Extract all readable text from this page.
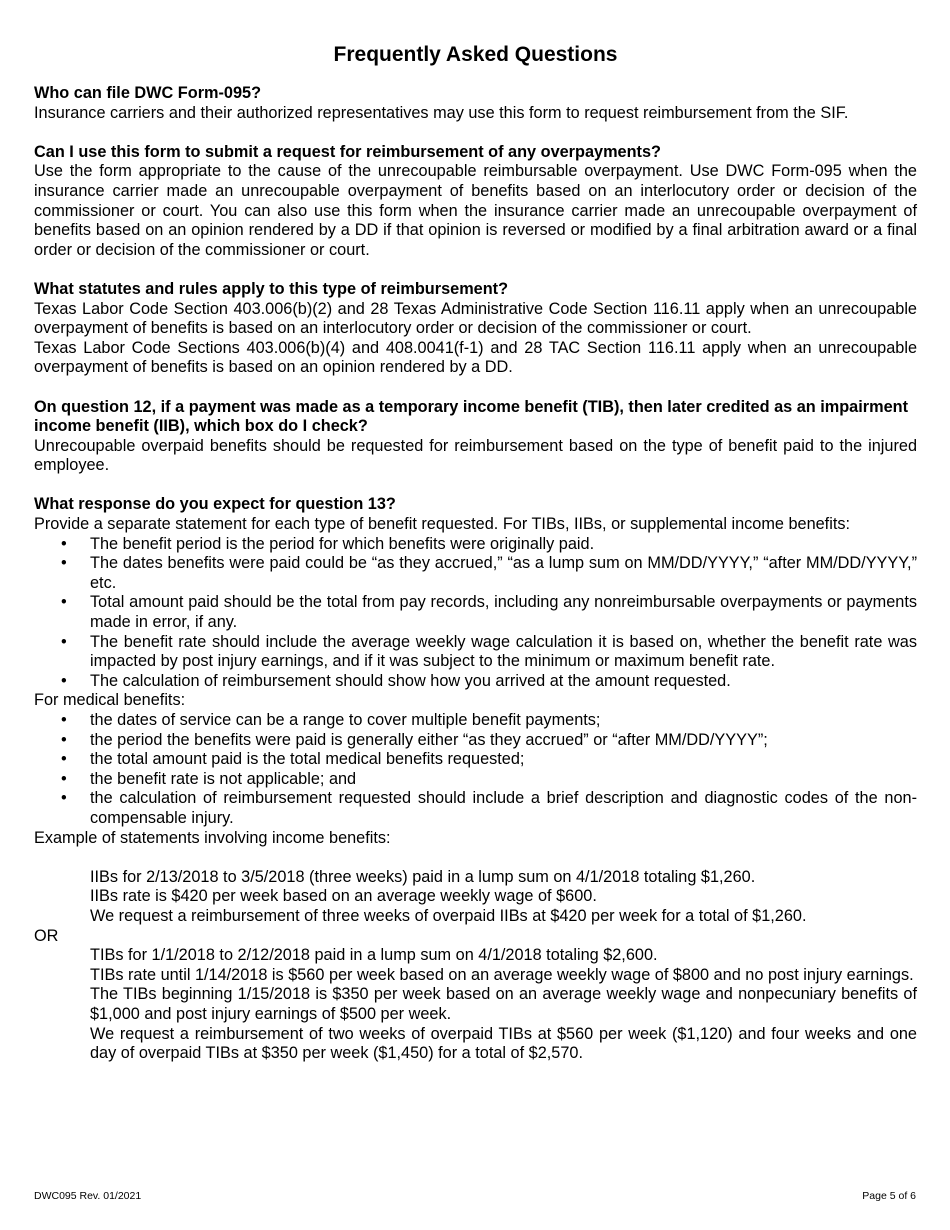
Frequently Asked Questions

Who can file DWC Form-095?

Insurance carriers and their authorized representatives may use this form to request reimbursement from the SIF.

Can I use this form to submit a request for reimbursement of any overpayments?

Use the form appropriate to the cause of the unrecoupable reimbursable overpayment. Use DWC Form-095 when the insurance carrier made an unrecoupable overpayment of benefits based on an interlocutory order or decision of the commissioner or court. You can also use this form when the insurance carrier made an unrecoupable overpayment of benefits based on an opinion rendered by a DD if that opinion is reversed or modified by a final arbitration award or a final order or decision of the commissioner or court.

What statutes and rules apply to this type of reimbursement?

Texas Labor Code Section 403.006(b)(2) and 28 Texas Administrative Code Section 116.11 apply when an unrecoupable overpayment of benefits is based on an interlocutory order or decision of the commissioner or court.

Texas Labor Code Sections 403.006(b)(4) and 408.0041(f-1) and 28 TAC Section 116.11 apply when an unrecoupable overpayment of benefits is based on an opinion rendered by a DD.

On question 12, if a payment was made as a temporary income benefit (TIB), then later credited as an impairment income benefit (IIB), which box do I check?

Unrecoupable overpaid benefits should be requested for reimbursement based on the type of benefit paid to the injured employee.

What response do you expect for question 13?

Provide a separate statement for each type of benefit requested. For TIBs, IIBs, or supplemental income benefits:

• The benefit period is the period for which benefits were originally paid.
• The dates benefits were paid could be “as they accrued,” “as a lump sum on MM/DD/YYYY,” “after MM/DD/YYYY,” etc.
• Total amount paid should be the total from pay records, including any nonreimbursable overpayments or payments made in error, if any.
• The benefit rate should include the average weekly wage calculation it is based on, whether the benefit rate was impacted by post injury earnings, and if it was subject to the minimum or maximum benefit rate.
• The calculation of reimbursement should show how you arrived at the amount requested.

For medical benefits:

• the dates of service can be a range to cover multiple benefit payments;
• the period the benefits were paid is generally either “as they accrued” or “after MM/DD/YYYY”;
• the total amount paid is the total medical benefits requested;
• the benefit rate is not applicable; and
• the calculation of reimbursement requested should include a brief description and diagnostic codes of the non-compensable injury.

Example of statements involving income benefits:

IIBs for 2/13/2018 to 3/5/2018 (three weeks) paid in a lump sum on 4/1/2018 totaling $1,260.

IIBs rate is $420 per week based on an average weekly wage of $600.

We request a reimbursement of three weeks of overpaid IIBs at $420 per week for a total of $1,260.

OR

TIBs for 1/1/2018 to 2/12/2018 paid in a lump sum on 4/1/2018 totaling $2,600.

TIBs rate until 1/14/2018 is $560 per week based on an average weekly wage of $800 and no post injury earnings.

The TIBs beginning 1/15/2018 is $350 per week based on an average weekly wage and nonpecuniary benefits of $1,000 and post injury earnings of $500 per week.

We request a reimbursement of two weeks of overpaid TIBs at $560 per week ($1,120) and four weeks and one day of overpaid TIBs at $350 per week ($1,450) for a total of $2,570.

DWC095 Rev. 01/2021	Page 5 of 6
